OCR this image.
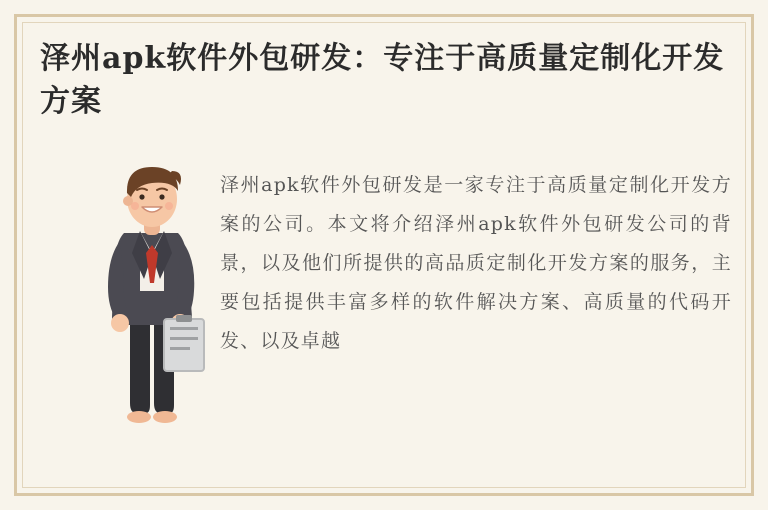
泽州apk软件外包研发：专注于高质量定制化开发方案

泽州apk软件外包研发是一家专注于高质量定制化开发方案的公司。本文将介绍泽州apk软件外包研发公司的背景，以及他们所提供的高品质定制化开发方案的服务，主要包括提供丰富多样的软件解决方案、高质量的代码开发、以及卓越
